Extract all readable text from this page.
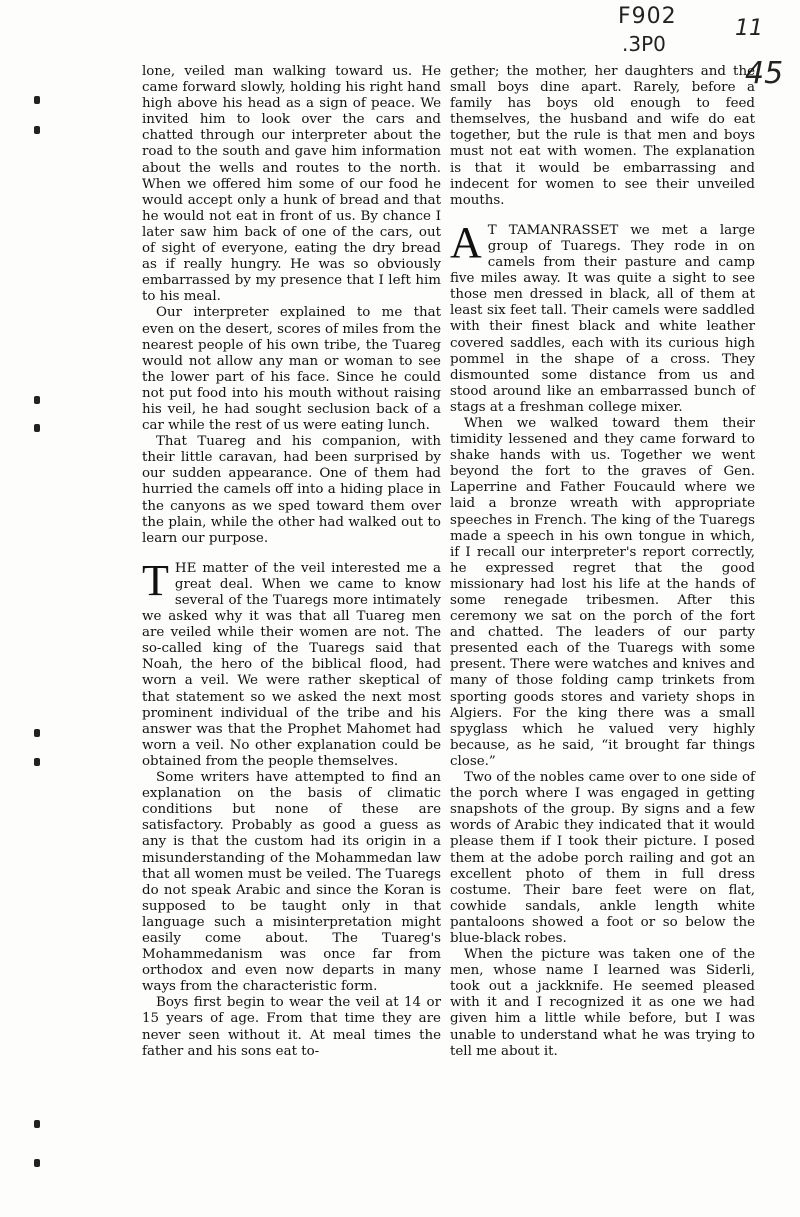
F902
.3P0
11
45

lone, veiled man walking toward us. He came forward slowly, holding his right hand high above his head as a sign of peace. We invited him to look over the cars and chatted through our interpreter about the road to the south and gave him information about the wells and routes to the north. When we offered him some of our food he would accept only a hunk of bread and that he would not eat in front of us. By chance I later saw him back of one of the cars, out of sight of everyone, eating the dry bread as if really hungry. He was so obviously embarrassed by my presence that I left him to his meal.

Our interpreter explained to me that even on the desert, scores of miles from the nearest people of his own tribe, the Tuareg would not allow any man or woman to see the lower part of his face. Since he could not put food into his mouth without raising his veil, he had sought seclusion back of a car while the rest of us were eating lunch.

That Tuareg and his companion, with their little caravan, had been surprised by our sudden appearance. One of them had hurried the camels off into a hiding place in the canyons as we sped toward them over the plain, while the other had walked out to learn our purpose.

THE matter of the veil interested me a great deal. When we came to know several of the Tuaregs more intimately we asked why it was that all Tuareg men are veiled while their women are not. The so-called king of the Tuaregs said that Noah, the hero of the biblical flood, had worn a veil. We were rather skeptical of that statement so we asked the next most prominent individual of the tribe and his answer was that the Prophet Mahomet had worn a veil. No other explanation could be obtained from the people themselves.

Some writers have attempted to find an explanation on the basis of climatic conditions but none of these are satisfactory. Probably as good a guess as any is that the custom had its origin in a misunderstanding of the Mohammedan law that all women must be veiled. The Tuaregs do not speak Arabic and since the Koran is supposed to be taught only in that language such a misinterpretation might easily come about. The Tuareg's Mohammedanism was once far from orthodox and even now departs in many ways from the characteristic form.

Boys first begin to wear the veil at 14 or 15 years of age. From that time they are never seen without it. At meal times the father and his sons eat to-

gether; the mother, her daughters and the small boys dine apart. Rarely, before a family has boys old enough to feed themselves, the husband and wife do eat together, but the rule is that men and boys must not eat with women. The explanation is that it would be embarrassing and indecent for women to see their unveiled mouths.

A T TAMANRASSET we met a large group of Tuaregs. They rode in on camels from their pasture and camp five miles away. It was quite a sight to see those men dressed in black, all of them at least six feet tall. Their camels were saddled with their finest black and white leather covered saddles, each with its curious high pommel in the shape of a cross. They dismounted some distance from us and stood around like an embarrassed bunch of stags at a freshman college mixer.

When we walked toward them their timidity lessened and they came forward to shake hands with us. Together we went beyond the fort to the graves of Gen. Laperrine and Father Foucauld where we laid a bronze wreath with appropriate speeches in French. The king of the Tuaregs made a speech in his own tongue in which, if I recall our interpreter's report correctly, he expressed regret that the good missionary had lost his life at the hands of some renegade tribesmen. After this ceremony we sat on the porch of the fort and chatted. The leaders of our party presented each of the Tuaregs with some present. There were watches and knives and many of those folding camp trinkets from sporting goods stores and variety shops in Algiers. For the king there was a small spyglass which he valued very highly because, as he said, “it brought far things close.”

Two of the nobles came over to one side of the porch where I was engaged in getting snapshots of the group. By signs and a few words of Arabic they indicated that it would please them if I took their picture. I posed them at the adobe porch railing and got an excellent photo of them in full dress costume. Their bare feet were on flat, cowhide sandals, ankle length white pantaloons showed a foot or so below the blue-black robes.

When the picture was taken one of the men, whose name I learned was Siderli, took out a jackknife. He seemed pleased with it and I recognized it as one we had given him a little while before, but I was unable to understand what he was trying to tell me about it.
